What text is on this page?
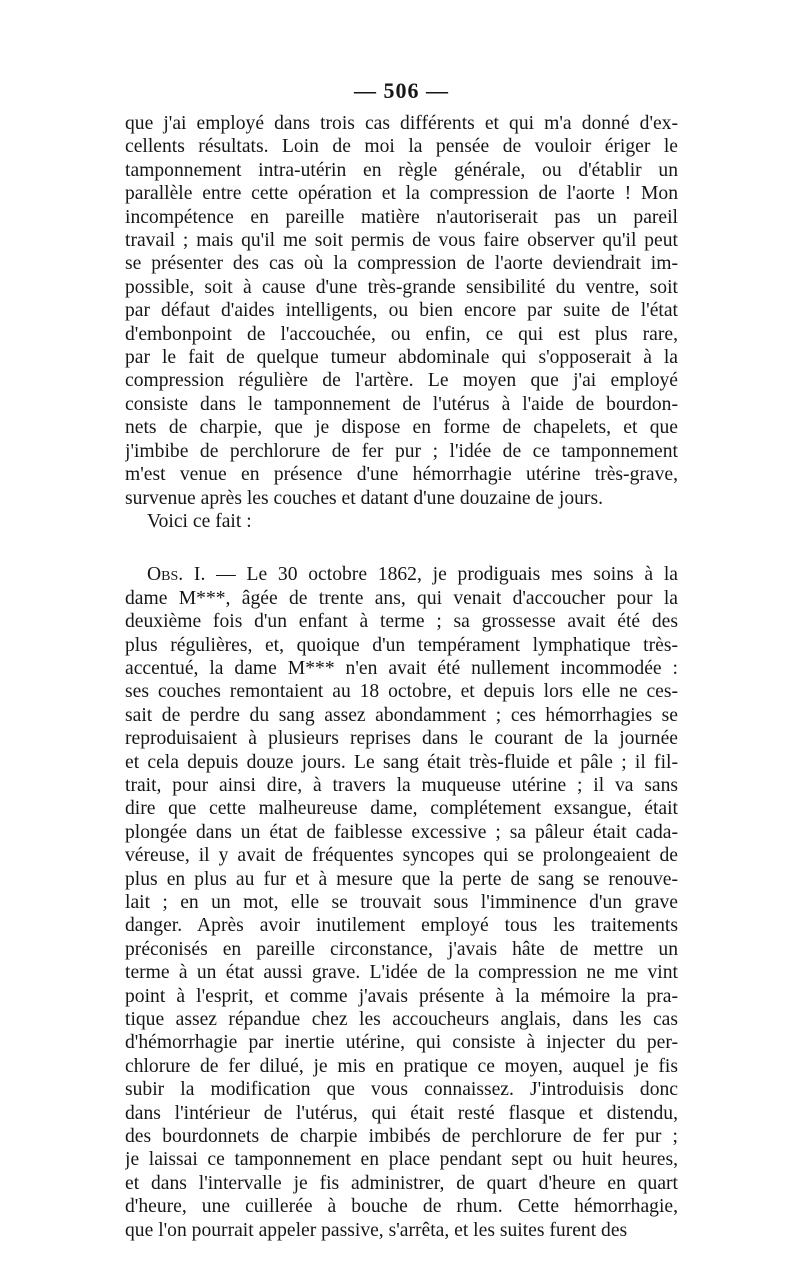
— 506 —

que j'ai employé dans trois cas différents et qui m'a donné d'ex-
cellents résultats. Loin de moi la pensée de vouloir ériger le
tamponnement intra-utérin en règle générale, ou d'établir un
parallèle entre cette opération et la compression de l'aorte ! Mon
incompétence en pareille matière n'autoriserait pas un pareil
travail ; mais qu'il me soit permis de vous faire observer qu'il peut
se présenter des cas où la compression de l'aorte deviendrait im-
possible, soit à cause d'une très-grande sensibilité du ventre, soit
par défaut d'aides intelligents, ou bien encore par suite de l'état
d'embonpoint de l'accouchée, ou enfin, ce qui est plus rare,
par le fait de quelque tumeur abdominale qui s'opposerait à la
compression régulière de l'artère. Le moyen que j'ai employé
consiste dans le tamponnement de l'utérus à l'aide de bourdon-
nets de charpie, que je dispose en forme de chapelets, et que
j'imbibe de perchlorure de fer pur ; l'idée de ce tamponnement
m'est venue en présence d'une hémorrhagie utérine très-grave,
survenue après les couches et datant d'une douzaine de jours.

Voici ce fait :

Obs. I. — Le 30 octobre 1862, je prodiguais mes soins à la
dame M***, âgée de trente ans, qui venait d'accoucher pour la
deuxième fois d'un enfant à terme ; sa grossesse avait été des
plus régulières, et, quoique d'un tempérament lymphatique très-
accentué, la dame M*** n'en avait été nullement incommodée :
ses couches remontaient au 18 octobre, et depuis lors elle ne ces-
sait de perdre du sang assez abondamment ; ces hémorrhagies se
reproduisaient à plusieurs reprises dans le courant de la journée
et cela depuis douze jours. Le sang était très-fluide et pâle ; il fil-
trait, pour ainsi dire, à travers la muqueuse utérine ; il va sans
dire que cette malheureuse dame, complétement exsangue, était
plongée dans un état de faiblesse excessive ; sa pâleur était cada-
véreuse, il y avait de fréquentes syncopes qui se prolongeaient de
plus en plus au fur et à mesure que la perte de sang se renouve-
lait ; en un mot, elle se trouvait sous l'imminence d'un grave
danger. Après avoir inutilement employé tous les traitements
préconisés en pareille circonstance, j'avais hâte de mettre un
terme à un état aussi grave. L'idée de la compression ne me vint
point à l'esprit, et comme j'avais présente à la mémoire la pra-
tique assez répandue chez les accoucheurs anglais, dans les cas
d'hémorrhagie par inertie utérine, qui consiste à injecter du per-
chlorure de fer dilué, je mis en pratique ce moyen, auquel je fis
subir la modification que vous connaissez. J'introduisis donc
dans l'intérieur de l'utérus, qui était resté flasque et distendu,
des bourdonnets de charpie imbibés de perchlorure de fer pur ;
je laissai ce tamponnement en place pendant sept ou huit heures,
et dans l'intervalle je fis administrer, de quart d'heure en quart
d'heure, une cuillerée à bouche de rhum. Cette hémorrhagie,
que l'on pourrait appeler passive, s'arrêta, et les suites furent des
